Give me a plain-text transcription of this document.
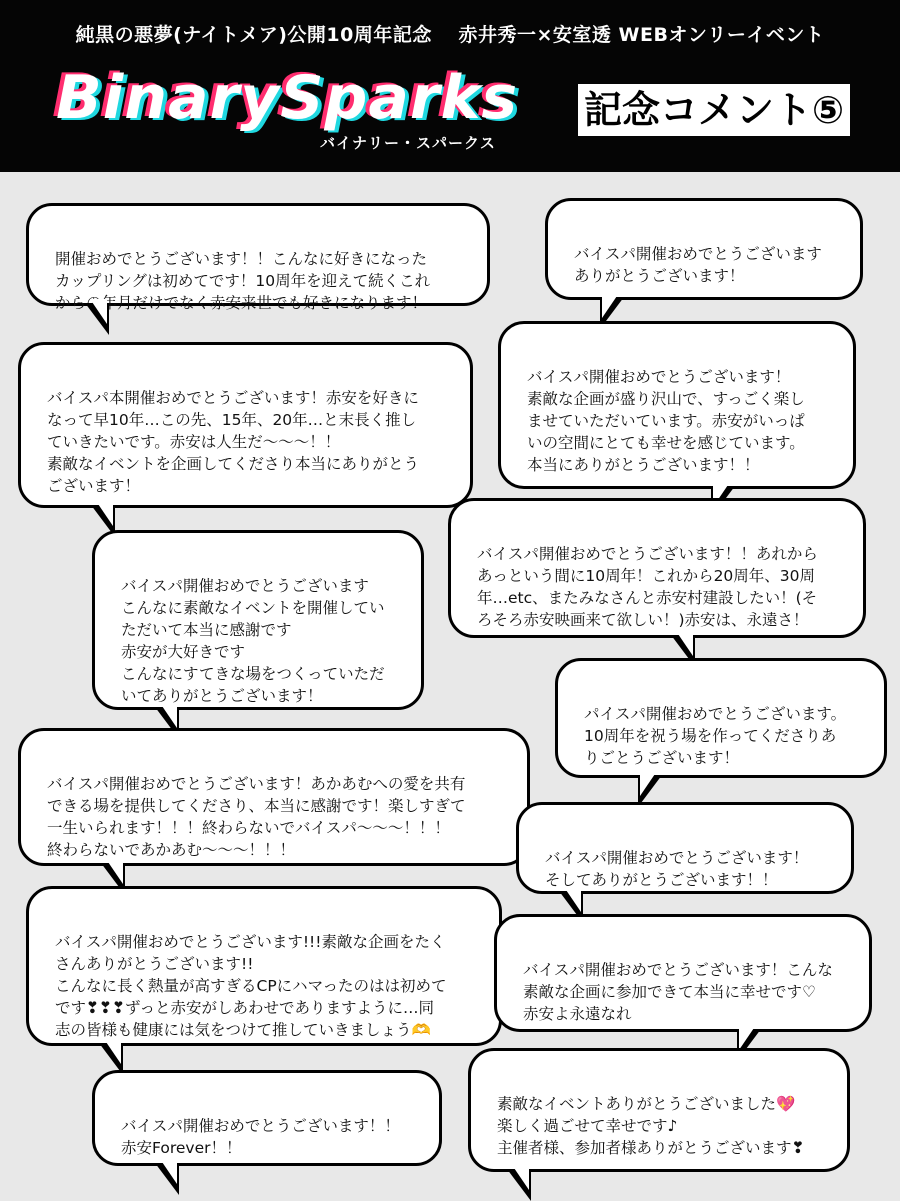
純黒の悪夢(ナイトメア)公開10周年記念　 赤井秀一×安室透 WEBオンリーイベント
BinarySparks
バイナリー・スパークス
記念コメント⑤

開催おめでとうございます！！こんなに好きになった
カップリングは初めてです！10周年を迎えて続くこれ
からの年月だけでなく赤安来世でも好きになります！

バイスパ開催おめでとうございます
ありがとうございます！

バイスパ本開催おめでとうございます！赤安を好きに
なって早10年…この先、15年、20年…と末長く推し
ていきたいです。赤安は人生だ〜〜〜！！
素敵なイベントを企画してくださり本当にありがとう
ございます！

バイスパ開催おめでとうございます！
素敵な企画が盛り沢山で、すっごく楽し
ませていただいています。赤安がいっぱ
いの空間にとても幸せを感じています。
本当にありがとうございます！！

バイスパ開催おめでとうございます！！あれから
あっという間に10周年！これから20周年、30周
年…etc、またみなさんと赤安村建設したい！(そ
ろそろ赤安映画来て欲しい！)赤安は、永遠さ！

バイスパ開催おめでとうございます
こんなに素敵なイベントを開催してい
ただいて本当に感謝です
赤安が大好きです
こんなにすてきな場をつくっていただ
いてありがとうございます！

パイスパ開催おめでとうございます。
10周年を祝う場を作ってくださりあ
りごとうございます！

バイスパ開催おめでとうございます！あかあむへの愛を共有
できる場を提供してくださり、本当に感謝です！楽しすぎて
一生いられます！！！終わらないでバイスパ〜〜〜！！！
終わらないであかあむ〜〜〜！！！	バイスパ開催おめでとうございます！
そしてありがとうございます！！

バイスパ開催おめでとうございます!!!素敵な企画をたく
さんありがとうございます!!
こんなに長く熱量が高すぎるCPにハマったのはは初めて
です❣❣❣ずっと赤安がしあわせでありますように…同
志の皆様も健康には気をつけて推していきましょう🫶

バイスパ開催おめでとうございます！こんな
素敵な企画に参加できて本当に幸せです♡
赤安よ永遠なれ

バイスパ開催おめでとうございます！！
赤安Forever！！

素敵なイベントありがとうございました💖
楽しく過ごせて幸せです♪
主催者様、参加者様ありがとうございます❣
